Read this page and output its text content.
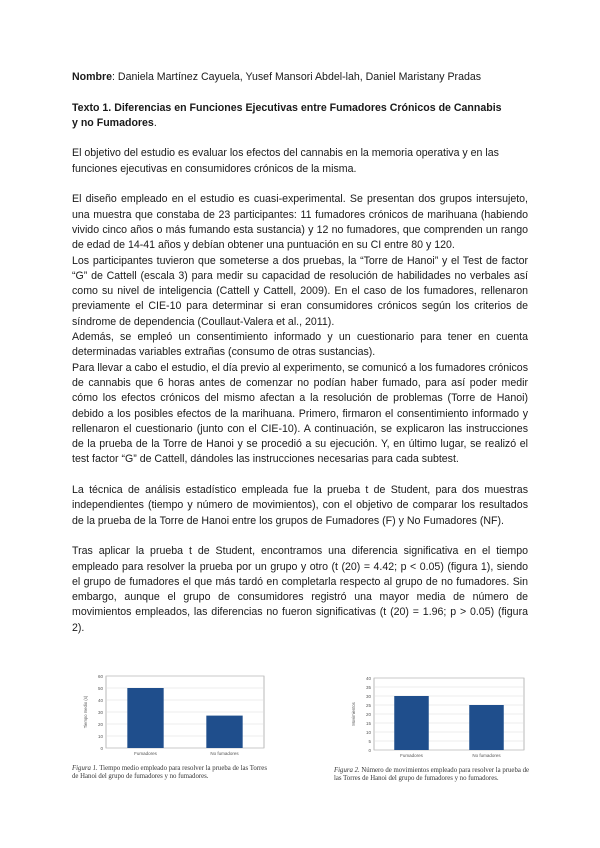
Nombre: Daniela Martínez Cayuela, Yusef Mansori Abdel-lah, Daniel Maristany Pradas

Texto 1. Diferencias en Funciones Ejecutivas entre Fumadores Crónicos de Cannabis
y no Fumadores.

El objetivo del estudio es evaluar los efectos del cannabis en la memoria operativa y en las funciones ejecutivas en consumidores crónicos de la misma.

El diseño empleado en el estudio es cuasi-experimental. Se presentan dos grupos intersujeto, una muestra que constaba de 23 participantes: 11 fumadores crónicos de marihuana (habiendo vivido cinco años o más fumando esta sustancia) y 12 no fumadores, que comprenden un rango de edad de 14-41 años y debían obtener una puntuación en su CI entre 80 y 120.

Los participantes tuvieron que someterse a dos pruebas, la “Torre de Hanoi” y el Test de factor “G” de Cattell (escala 3) para medir su capacidad de resolución de habilidades no verbales así como su nivel de inteligencia (Cattell y Cattell, 2009). En el caso de los fumadores, rellenaron previamente el CIE-10 para determinar si eran consumidores crónicos según los criterios de síndrome de dependencia (Coullaut-Valera et al., 2011).

Además, se empleó un consentimiento informado y un cuestionario para tener en cuenta determinadas variables extrañas (consumo de otras sustancias).

Para llevar a cabo el estudio, el día previo al experimento, se comunicó a los fumadores crónicos de cannabis que 6 horas antes de comenzar no podían haber fumado, para así poder medir cómo los efectos crónicos del mismo afectan a la resolución de problemas (Torre de Hanoi) debido a los posibles efectos de la marihuana. Primero, firmaron el consentimiento informado y rellenaron el cuestionario (junto con el CIE-10). A continuación, se explicaron las instrucciones de la prueba de la Torre de Hanoi y se procedió a su ejecución. Y, en último lugar, se realizó el test factor “G” de Cattell, dándoles las instrucciones necesarias para cada subtest.

La técnica de análisis estadístico empleada fue la prueba t de Student, para dos muestras independientes (tiempo y número de movimientos), con el objetivo de comparar los resultados de la prueba de la Torre de Hanoi entre los grupos de Fumadores (F) y No Fumadores (NF).

Tras aplicar la prueba t de Student, encontramos una diferencia significativa en el tiempo empleado para resolver la prueba por un grupo y otro (t (20) = 4.42; p < 0.05) (figura 1), siendo el grupo de fumadores el que más tardó en completarla respecto al grupo de no fumadores. Sin embargo, aunque el grupo de consumidores registró una mayor media de número de movimientos empleados, las diferencias no fueron significativas (t (20) = 1.96; p > 0.05) (figura 2).

0
10
20
30
40
50
60
Tiempo medio (s)
Fumadores	No fumadores
Figura 1. Tiempo medio empleado para resolver la prueba de las Torres de Hanoi del grupo de fumadores y no fumadores.
0
5
10
15
20
25
30
35
40
Movimientos
Fumadores	No fumadores
Figura 2. Número de movimientos empleado para resolver la prueba de las Torres de Hanoi del grupo de fumadores y no fumadores.
